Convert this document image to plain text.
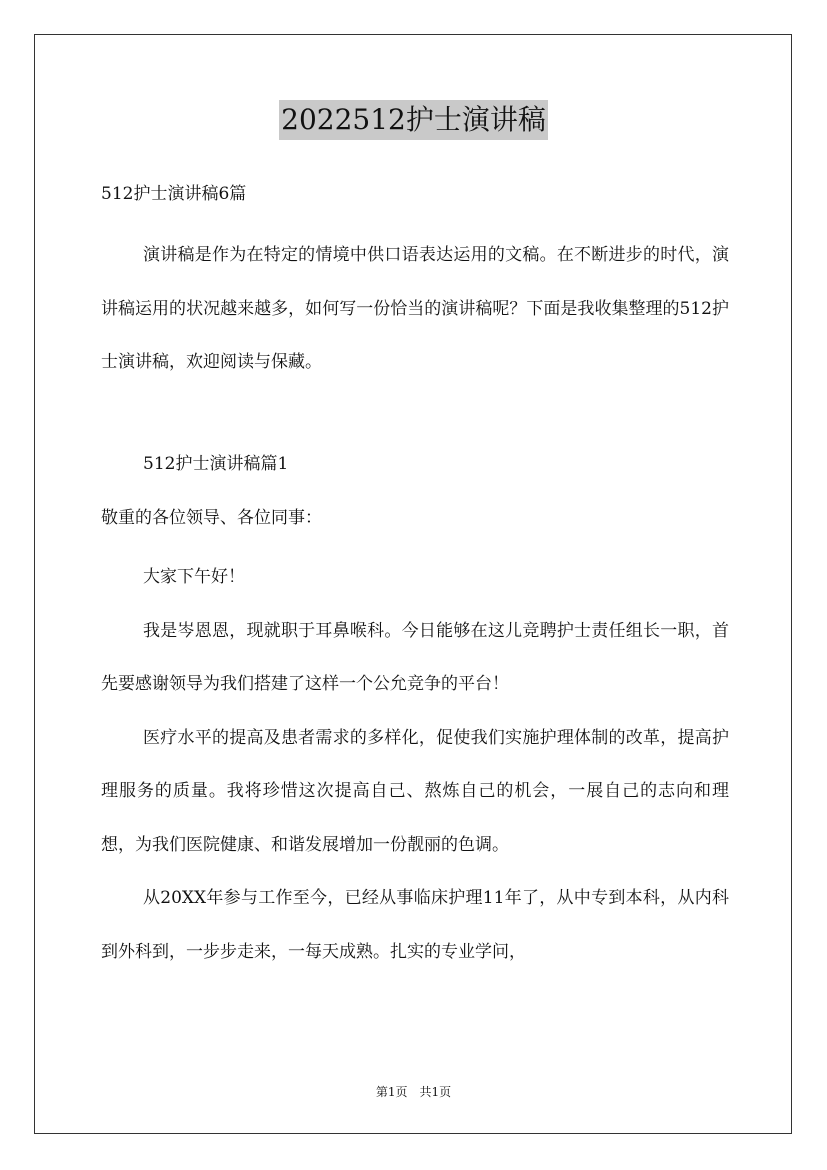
2022512护士演讲稿
512护士演讲稿6篇

演讲稿是作为在特定的情境中供口语表达运用的文稿。在不断进步的时代，演讲稿运用的状况越来越多，如何写一份恰当的演讲稿呢？下面是我收集整理的512护士演讲稿，欢迎阅读与保藏。

512护士演讲稿篇1
敬重的各位领导、各位同事：

大家下午好！

我是岑恩恩，现就职于耳鼻喉科。今日能够在这儿竞聘护士责任组长一职，首先要感谢领导为我们搭建了这样一个公允竞争的平台！

医疗水平的提高及患者需求的多样化，促使我们实施护理体制的改革，提高护理服务的质量。我将珍惜这次提高自己、熬炼自己的机会，一展自己的志向和理想，为我们医院健康、和谐发展增加一份靓丽的色调。

从20XX年参与工作至今，已经从事临床护理11年了，从中专到本科，从内科到外科到，一步步走来，一每天成熟。扎实的专业学问，

第1页 共1页
